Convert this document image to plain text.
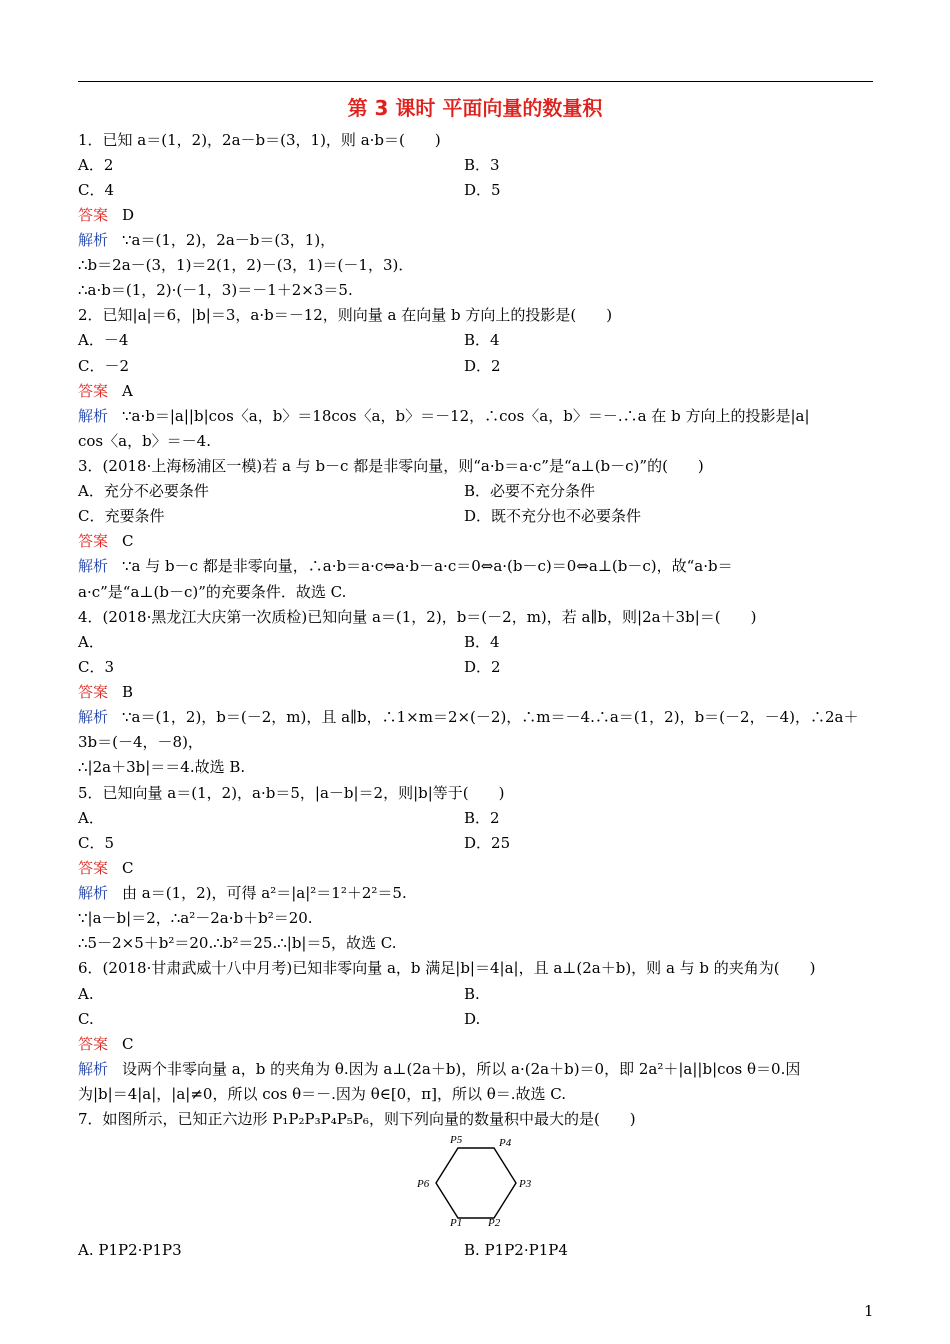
第 3 课时 平面向量的数量积
1．已知 a＝(1，2)，2a－b＝(3，1)，则 a·b＝(　　)
A．2	B．3
C．4	D．5
答案 D
解析 ∵a＝(1，2)，2a－b＝(3，1)，
∴b＝2a－(3，1)＝2(1，2)－(3，1)＝(－1，3)．
∴a·b＝(1，2)·(－1，3)＝－1＋2×3＝5.
2．已知|a|＝6，|b|＝3，a·b＝－12，则向量 a 在向量 b 方向上的投影是(　　)
A．－4	B．4
C．－2	D．2
答案 A
解析 ∵a·b＝|a||b|cos〈a，b〉＝18cos〈a，b〉＝－12，∴cos〈a，b〉＝－.∴a 在 b 方向上的投影是|a|
cos〈a，b〉＝－4.
3．(2018·上海杨浦区一模)若 a 与 b－c 都是非零向量，则“a·b＝a·c”是“a⊥(b－c)”的(　　)
A．充分不必要条件	B．必要不充分条件
C．充要条件	D．既不充分也不必要条件
答案 C
解析 ∵a 与 b－c 都是非零向量，∴a·b＝a·c⇔a·b－a·c＝0⇔a·(b－c)＝0⇔a⊥(b－c)，故“a·b＝
a·c”是“a⊥(b－c)”的充要条件．故选 C.
4．(2018·黑龙江大庆第一次质检)已知向量 a＝(1，2)，b＝(－2，m)，若 a∥b，则|2a＋3b|＝(　　)
A．	B．4
C．3	D．2
答案 B
解析 ∵a＝(1，2)，b＝(－2，m)，且 a∥b，∴1×m＝2×(－2)，∴m＝－4.∴a＝(1，2)，b＝(－2，－4)，∴2a＋
3b＝(－4，－8)，
∴|2a＋3b|＝＝4.故选 B.
5．已知向量 a＝(1，2)，a·b＝5，|a－b|＝2，则|b|等于(　　)
A．	B．2
C．5	D．25
答案 C
解析 由 a＝(1，2)，可得 a²＝|a|²＝1²＋2²＝5.
∵|a－b|＝2，∴a²－2a·b＋b²＝20.
∴5－2×5＋b²＝20.∴b²＝25.∴|b|＝5，故选 C.
6．(2018·甘肃武威十八中月考)已知非零向量 a，b 满足|b|＝4|a|，且 a⊥(2a＋b)，则 a 与 b 的夹角为(　　)
A.	B.
C.	D.
答案 C
解析 设两个非零向量 a，b 的夹角为 θ.因为 a⊥(2a＋b)，所以 a·(2a＋b)＝0，即 2a²＋|a||b|cos θ＝0.因
为|b|＝4|a|，|a|≠0，所以 cos θ＝－.因为 θ∈[0，π]，所以 θ＝.故选 C.
7．如图所示，已知正六边形 P₁P₂P₃P₄P₅P₆，则下列向量的数量积中最大的是(　　)
P1 P2
P3
P4
P5
P6
A. P1P2·P1P3	B. P1P2·P1P4
1
